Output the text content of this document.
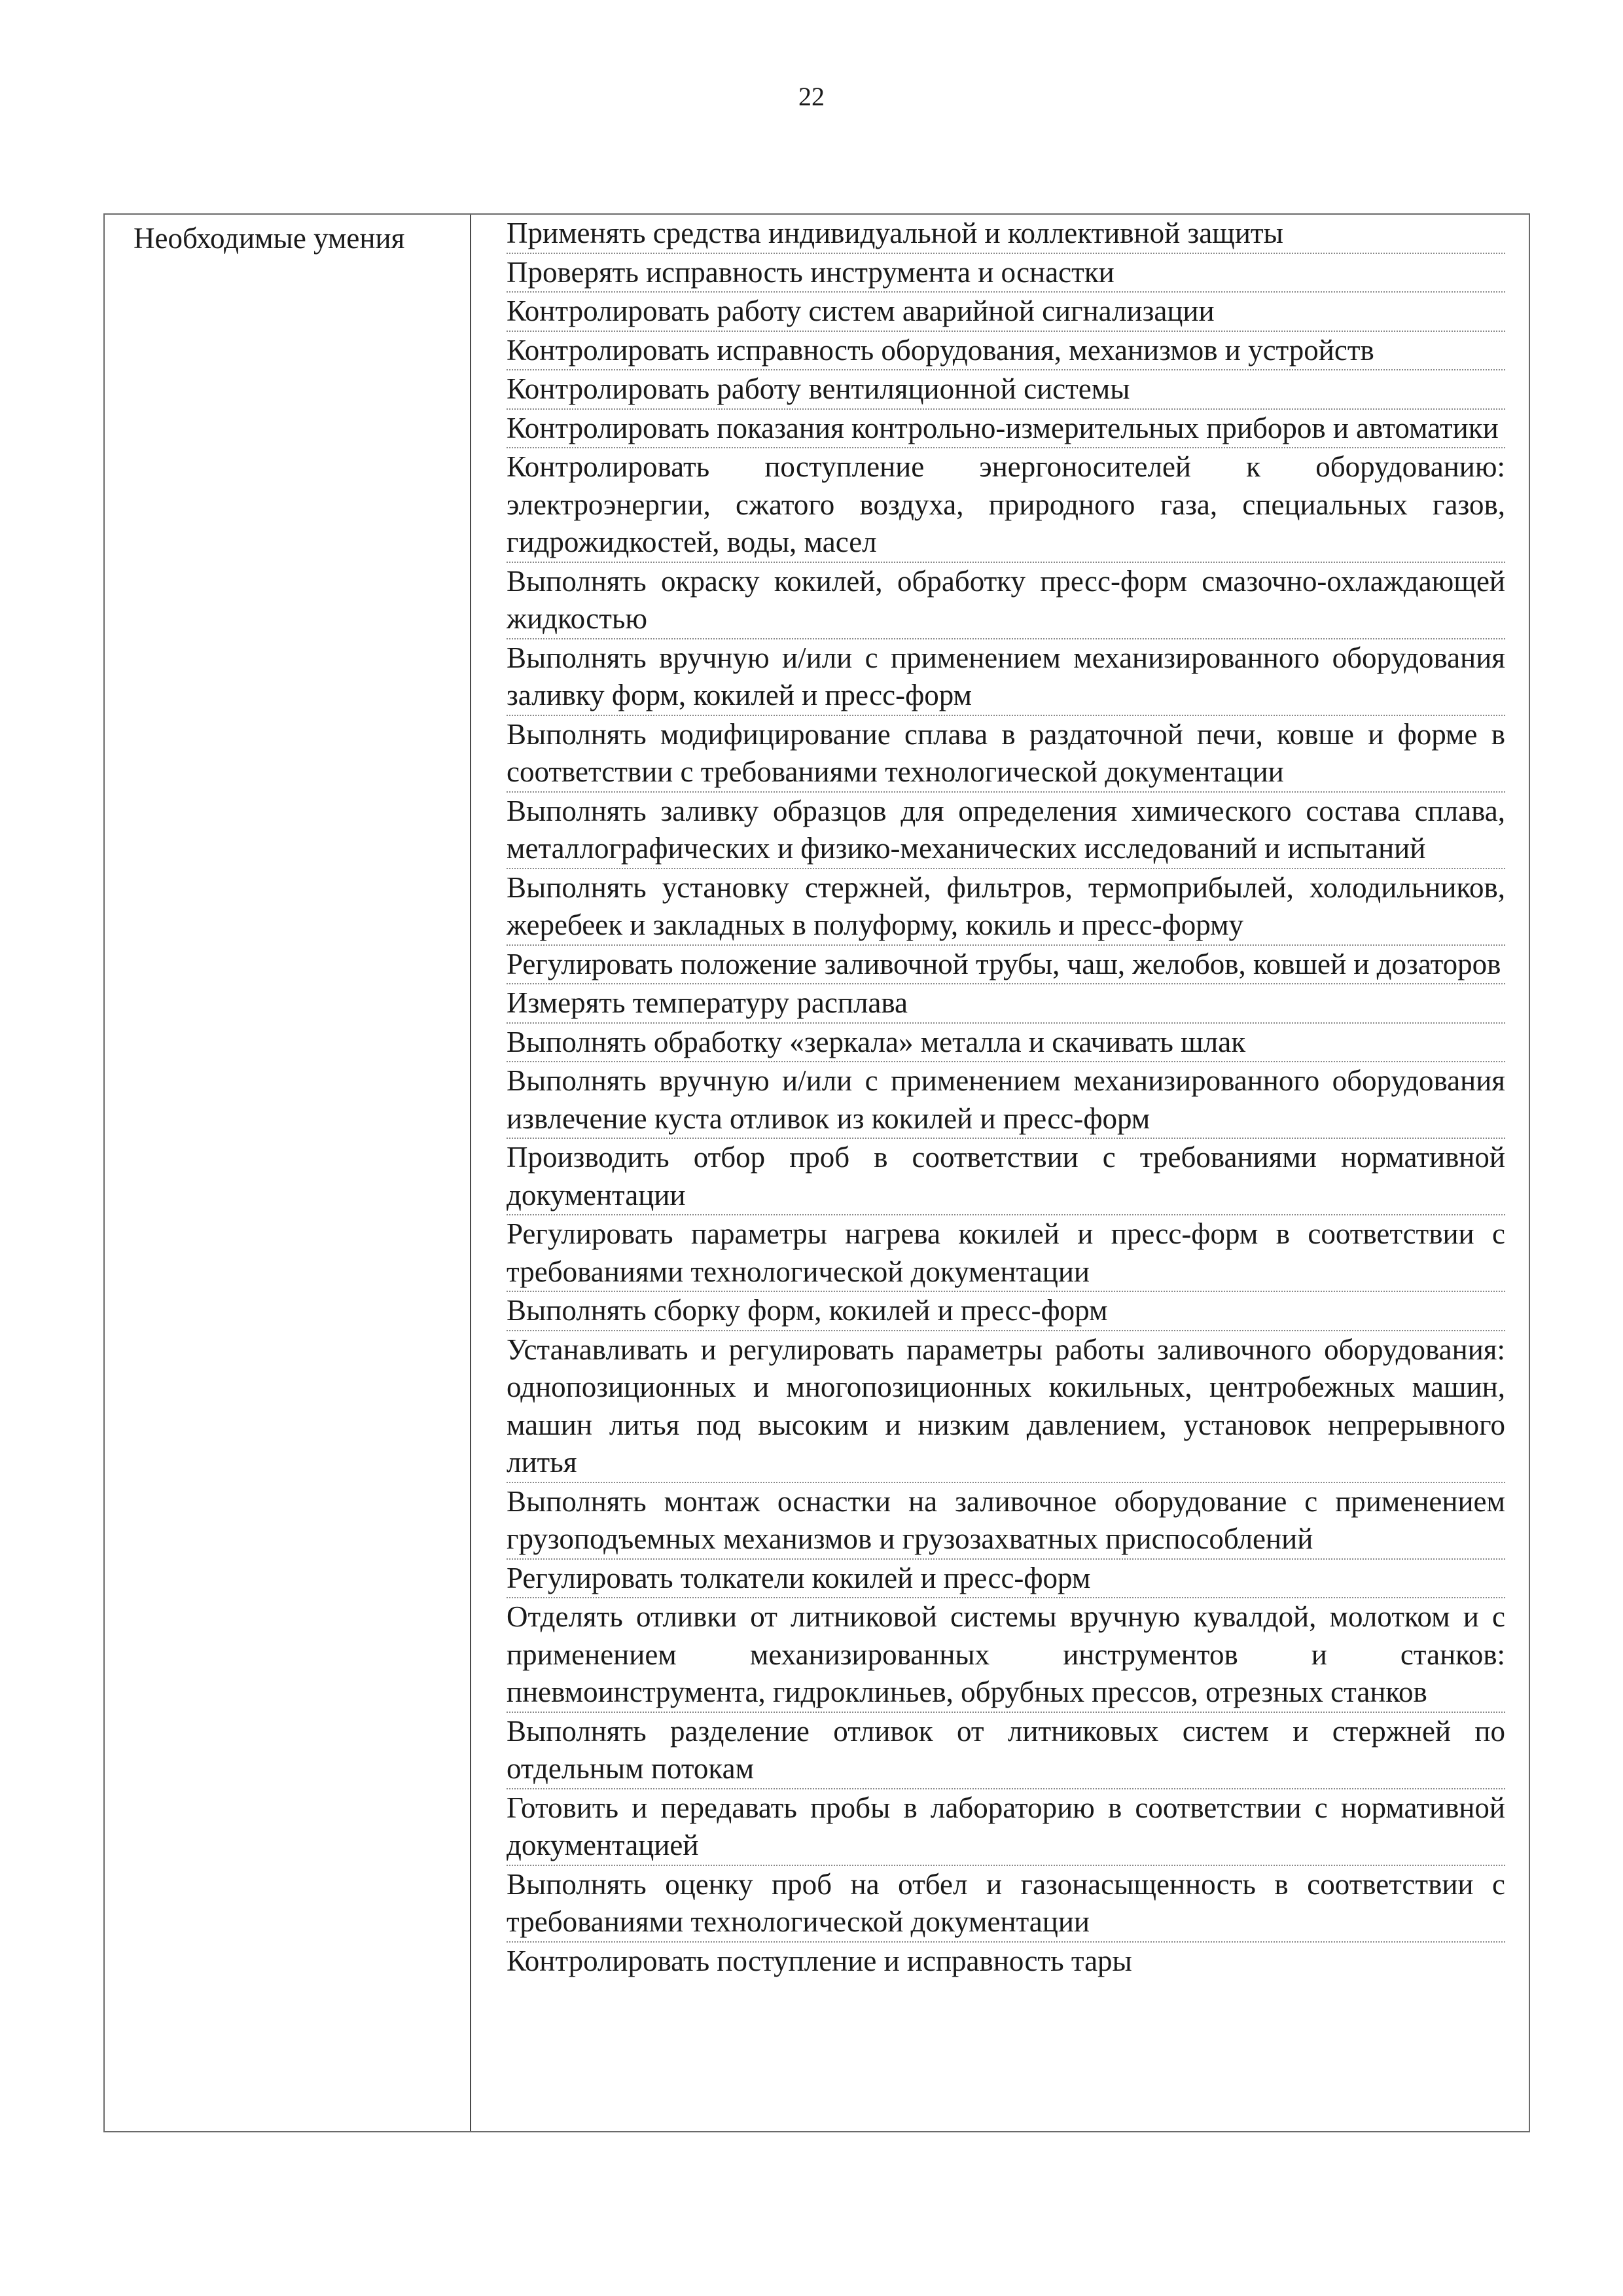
22
Необходимые умения	Применять средства индивидуальной и коллективной защиты
Проверять исправность инструмента и оснастки
Контролировать работу систем аварийной сигнализации
Контролировать исправность оборудования, механизмов и устройств
Контролировать работу вентиляционной системы
Контролировать показания контрольно-измерительных приборов и автоматики
Контролировать поступление энергоносителей к оборудованию: электроэнергии, сжатого воздуха, природного газа, специальных газов, гидрожидкостей, воды, масел
Выполнять окраску кокилей, обработку пресс-форм смазочно-охлаждающей жидкостью
Выполнять вручную и/или с применением механизированного оборудования заливку форм, кокилей и пресс-форм
Выполнять модифицирование сплава в раздаточной печи, ковше и форме в соответствии с требованиями технологической документации
Выполнять заливку образцов для определения химического состава сплава, металлографических и физико-механических исследований и испытаний
Выполнять установку стержней, фильтров, термоприбылей, холодильников, жеребеек и закладных в полуформу, кокиль и пресс-форму
Регулировать положение заливочной трубы, чаш, желобов, ковшей и дозаторов
Измерять температуру расплава
Выполнять обработку «зеркала» металла и скачивать шлак
Выполнять вручную и/или с применением механизированного оборудования извлечение куста отливок из кокилей и пресс-форм
Производить отбор проб в соответствии с требованиями нормативной документации
Регулировать параметры нагрева кокилей и пресс-форм в соответствии с требованиями технологической документации
Выполнять сборку форм, кокилей и пресс-форм
Устанавливать и регулировать параметры работы заливочного оборудования: однопозиционных и многопозиционных кокильных, центробежных машин, машин литья под высоким и низким давлением, установок непрерывного литья
Выполнять монтаж оснастки на заливочное оборудование с применением грузоподъемных механизмов и грузозахватных приспособлений
Регулировать толкатели кокилей и пресс-форм
Отделять отливки от литниковой системы вручную кувалдой, молотком и с применением механизированных инструментов и станков: пневмоинструмента, гидроклиньев, обрубных прессов, отрезных станков
Выполнять разделение отливок от литниковых систем и стержней по отдельным потокам
Готовить и передавать пробы в лабораторию в соответствии с нормативной документацией
Выполнять оценку проб на отбел и газонасыщенность в соответствии с требованиями технологической документации
Контролировать поступление и исправность тары
